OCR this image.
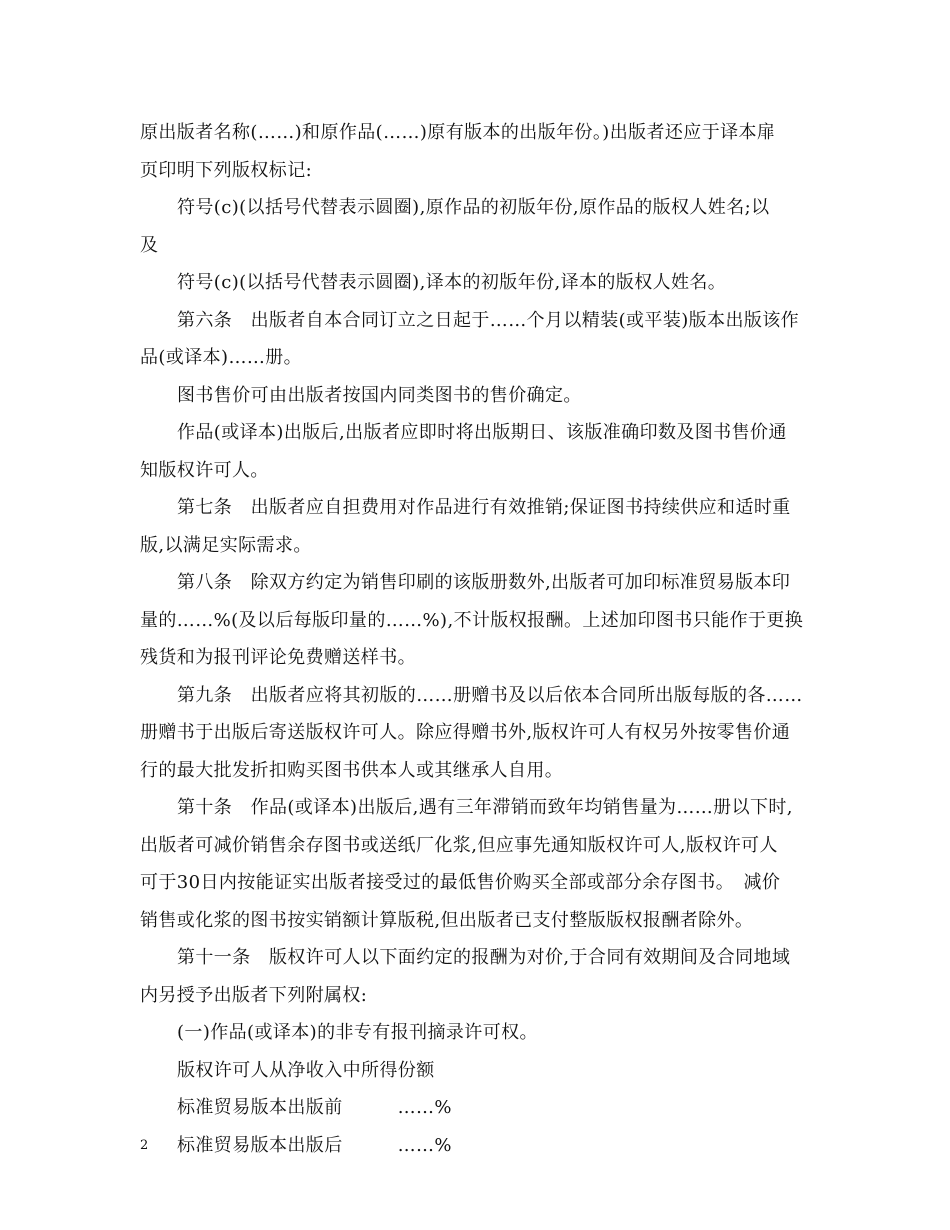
原出版者名称(……)和原作品(……)原有版本的出版年份。)出版者还应于译本扉
页印明下列版权标记:
符号(c)(以括号代替表示圆圈),原作品的初版年份,原作品的版权人姓名;以
及
符号(c)(以括号代替表示圆圈),译本的初版年份,译本的版权人姓名。
第六条　出版者自本合同订立之日起于……个月以精装(或平装)版本出版该作
品(或译本)……册。
图书售价可由出版者按国内同类图书的售价确定。
作品(或译本)出版后,出版者应即时将出版期日、该版准确印数及图书售价通
知版权许可人。
第七条　出版者应自担费用对作品进行有效推销;保证图书持续供应和适时重
版,以满足实际需求。
第八条　除双方约定为销售印刷的该版册数外,出版者可加印标准贸易版本印
量的……%(及以后每版印量的……%),不计版权报酬。上述加印图书只能作于更换
残货和为报刊评论免费赠送样书。
第九条　出版者应将其初版的……册赠书及以后依本合同所出版每版的各……
册赠书于出版后寄送版权许可人。除应得赠书外,版权许可人有权另外按零售价通
行的最大批发折扣购买图书供本人或其继承人自用。
第十条　作品(或译本)出版后,遇有三年滞销而致年均销售量为……册以下时,
出版者可减价销售余存图书或送纸厂化浆,但应事先通知版权许可人,版权许可人
可于30日内按能证实出版者接受过的最低售价购买全部或部分余存图书。　减价
销售或化浆的图书按实销额计算版税,但出版者已支付整版版权报酬者除外。
第十一条　版权许可人以下面约定的报酬为对价,于合同有效期间及合同地域
内另授予出版者下列附属权:
(一)作品(或译本)的非专有报刊摘录许可权。
版权许可人从净收入中所得份额
标准贸易版本出版前	……%
标准贸易版本出版后	……%
2
